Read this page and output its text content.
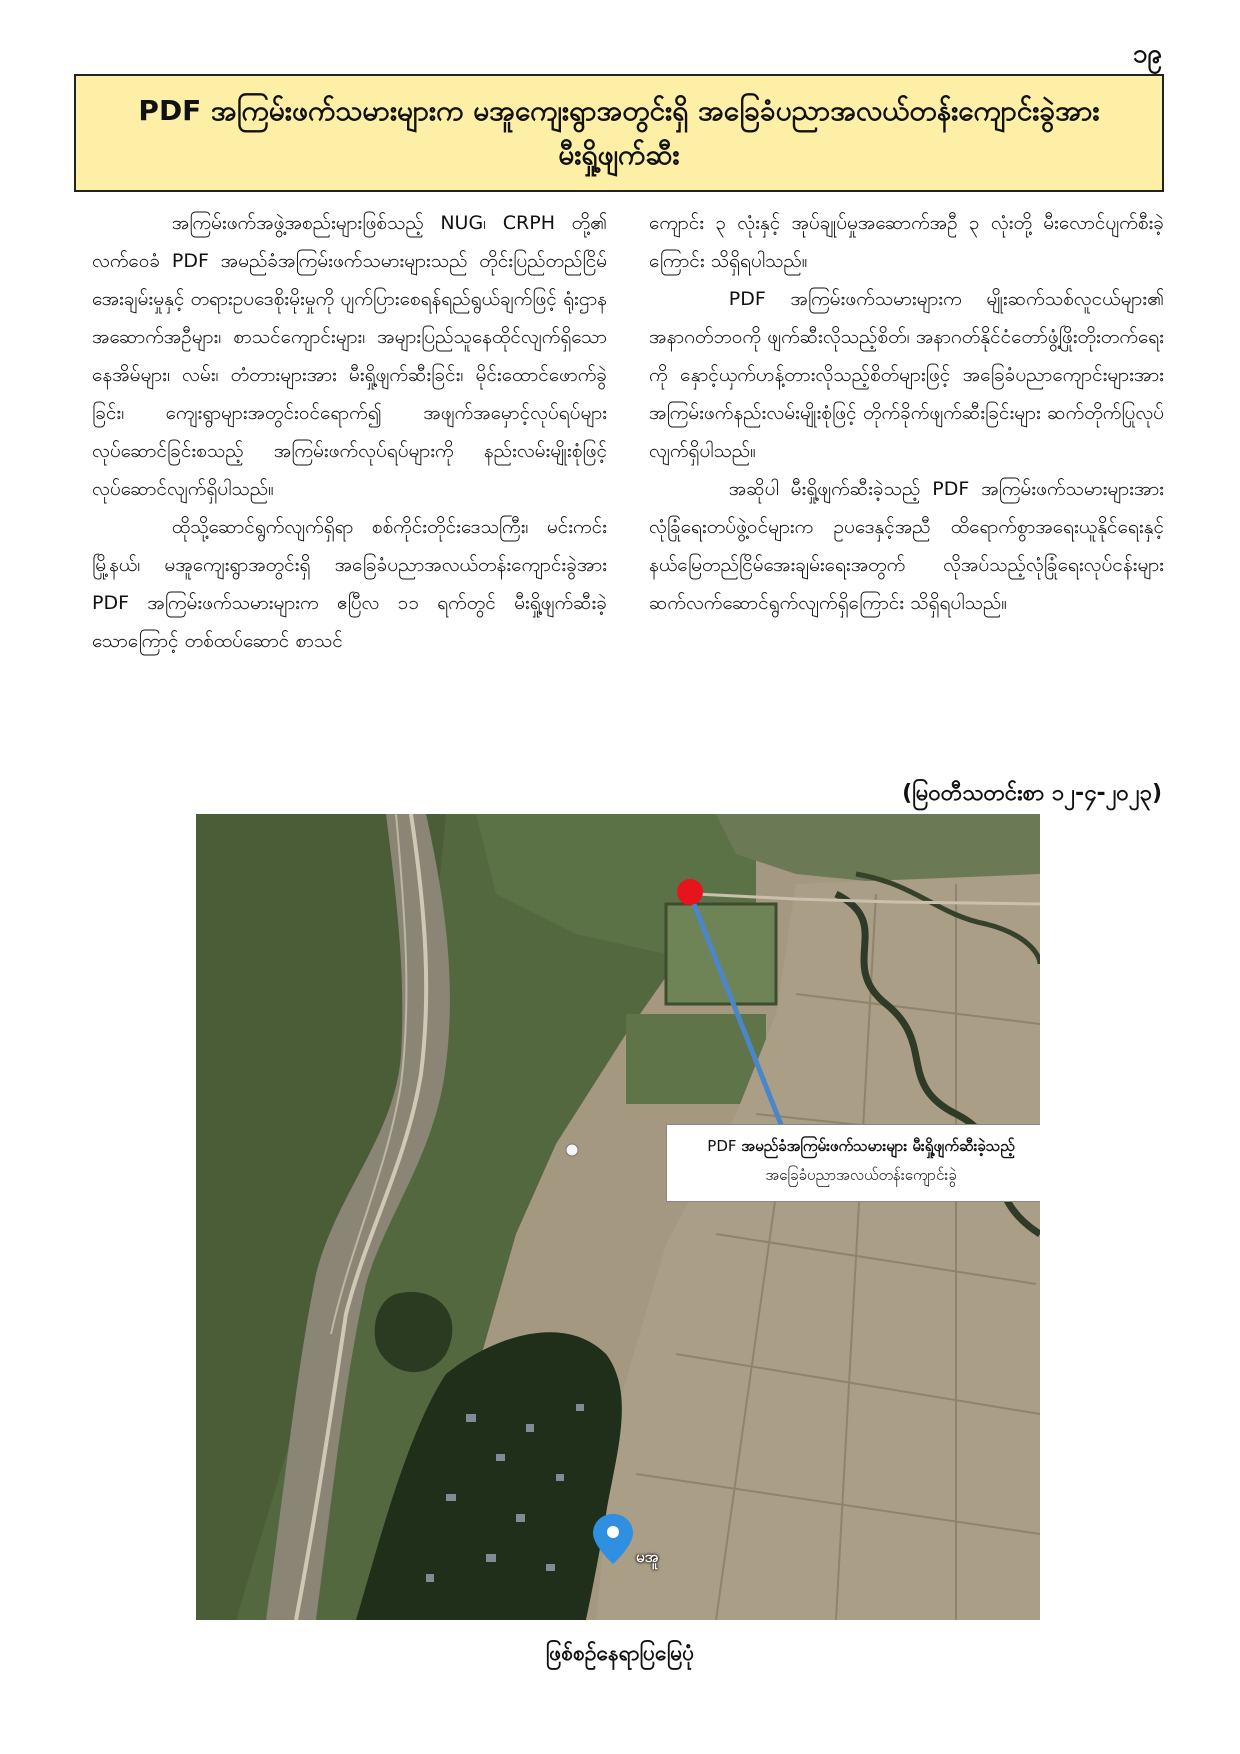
၁၉
PDF အကြမ်းဖက်သမားများက မအူကျေးရွာအတွင်းရှိ အခြေခံပညာအလယ်တန်းကျောင်းခွဲအား
မီးရှို့ဖျက်ဆီး

အကြမ်းဖက်အဖွဲ့အစည်းများဖြစ်သည့် NUG၊ CRPH တို့၏ လက်ဝေခံ PDF အမည်ခံအကြမ်းဖက်သမားများသည် တိုင်းပြည်တည်ငြိမ်အေးချမ်းမှုနှင့် တရားဥပဒေစိုးမိုးမှုကို ပျက်ပြားစေရန်ရည်ရွယ်ချက်ဖြင့် ရုံးဌာနအဆောက်အဦများ၊ စာသင်ကျောင်းများ၊ အများပြည်သူနေထိုင်လျက်ရှိသော နေအိမ်များ၊ လမ်း၊ တံတားများအား မီးရှို့ဖျက်ဆီးခြင်း၊ မိုင်းထောင်ဖောက်ခွဲခြင်း၊ ကျေးရွာများအတွင်းဝင်ရောက်၍ အဖျက်အမှောင့်လုပ်ရပ်များလုပ်ဆောင်ခြင်းစသည့် အကြမ်းဖက်လုပ်ရပ်များကို နည်းလမ်းမျိုးစုံဖြင့် လုပ်ဆောင်လျက်ရှိပါသည်။

ထိုသို့ဆောင်ရွက်လျက်ရှိရာ စစ်ကိုင်းတိုင်းဒေသကြီး၊ မင်းကင်းမြို့နယ်၊ မအူကျေးရွာအတွင်းရှိ အခြေခံပညာအလယ်တန်းကျောင်းခွဲအား PDF အကြမ်းဖက်သမားများက ဧပြီလ ၁၁ ရက်တွင် မီးရှို့ဖျက်ဆီးခဲ့သောကြောင့် တစ်ထပ်ဆောင် စာသင်

ကျောင်း ၃ လုံးနှင့် အုပ်ချုပ်မှုအဆောက်အဦ ၃ လုံးတို့ မီးလောင်ပျက်စီးခဲ့ကြောင်း သိရှိရပါသည်။

PDF အကြမ်းဖက်သမားများက မျိုးဆက်သစ်လူငယ်များ၏ အနာဂတ်ဘဝကို ဖျက်ဆီးလိုသည့်စိတ်၊ အနာဂတ်နိုင်ငံတော်ဖွံ့ဖြိုးတိုးတက်ရေးကို နှောင့်ယှက်ဟန့်တားလိုသည့်စိတ်များဖြင့် အခြေခံပညာကျောင်းများအား အကြမ်းဖက်နည်းလမ်းမျိုးစုံဖြင့် တိုက်ခိုက်ဖျက်ဆီးခြင်းများ ဆက်တိုက်ပြုလုပ်လျက်ရှိပါသည်။

အဆိုပါ မီးရှို့ဖျက်ဆီးခဲ့သည့် PDF အကြမ်းဖက်သမားများအား လုံခြုံရေးတပ်ဖွဲ့ဝင်များက ဥပဒေနှင့်အညီ ထိရောက်စွာအရေးယူနိုင်ရေးနှင့် နယ်မြေတည်ငြိမ်အေးချမ်းရေးအတွက် လိုအပ်သည့်လုံခြုံရေးလုပ်ငန်းများ ဆက်လက်ဆောင်ရွက်လျက်ရှိကြောင်း သိရှိရပါသည်။

(မြဝတီသတင်းစာ ၁၂-၄-၂၀၂၃)
PDF အမည်ခံအကြမ်းဖက်သမားများ မီးရှို့ဖျက်ဆီးခဲ့သည့်
အခြေခံပညာအလယ်တန်းကျောင်းခွဲ
မအူ
ဖြစ်စဉ်နေရာပြမြေပုံ
